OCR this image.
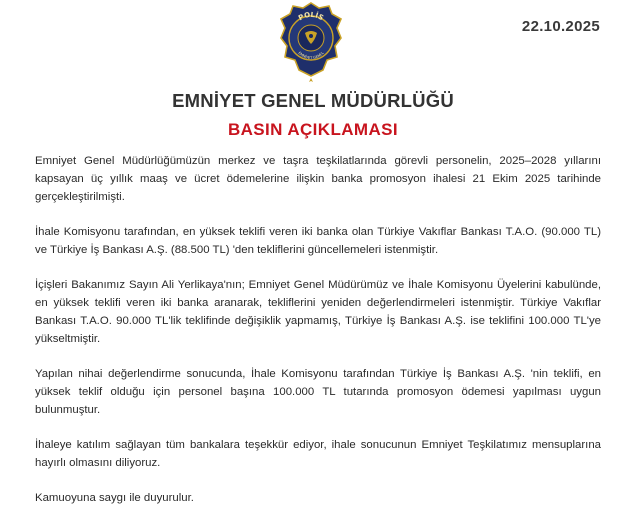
POLİS
EMNİYET GENEL
22.10.2025
EMNİYET GENEL MÜDÜRLÜĞÜ
BASIN AÇIKLAMASI

Emniyet Genel Müdürlüğümüzün merkez ve taşra teşkilatlarında görevli personelin, 2025–2028 yıllarını kapsayan üç yıllık maaş ve ücret ödemelerine ilişkin banka promosyon ihalesi 21 Ekim 2025 tarihinde gerçekleştirilmişti.

İhale Komisyonu tarafından, en yüksek teklifi veren iki banka olan Türkiye Vakıflar Bankası T.A.O. (90.000 TL) ve Türkiye İş Bankası A.Ş. (88.500 TL) 'den tekliflerini güncellemeleri istenmiştir.

İçişleri Bakanımız Sayın Ali Yerlikaya'nın; Emniyet Genel Müdürümüz ve İhale Komisyonu Üyelerini kabulünde, en yüksek teklifi veren iki banka aranarak, tekliflerini yeniden değerlendirmeleri istenmiştir. Türkiye Vakıflar Bankası T.A.O. 90.000 TL'lik teklifinde değişiklik yapmamış, Türkiye İş Bankası A.Ş. ise teklifini 100.000 TL'ye yükseltmiştir.

Yapılan nihai değerlendirme sonucunda, İhale Komisyonu tarafından Türkiye İş Bankası A.Ş. 'nin teklifi, en yüksek teklif olduğu için personel başına 100.000 TL tutarında promosyon ödemesi yapılması uygun bulunmuştur.

İhaleye katılım sağlayan tüm bankalara teşekkür ediyor, ihale sonucunun Emniyet Teşkilatımız mensuplarına hayırlı olmasını diliyoruz.

Kamuoyuna saygı ile duyurulur.
